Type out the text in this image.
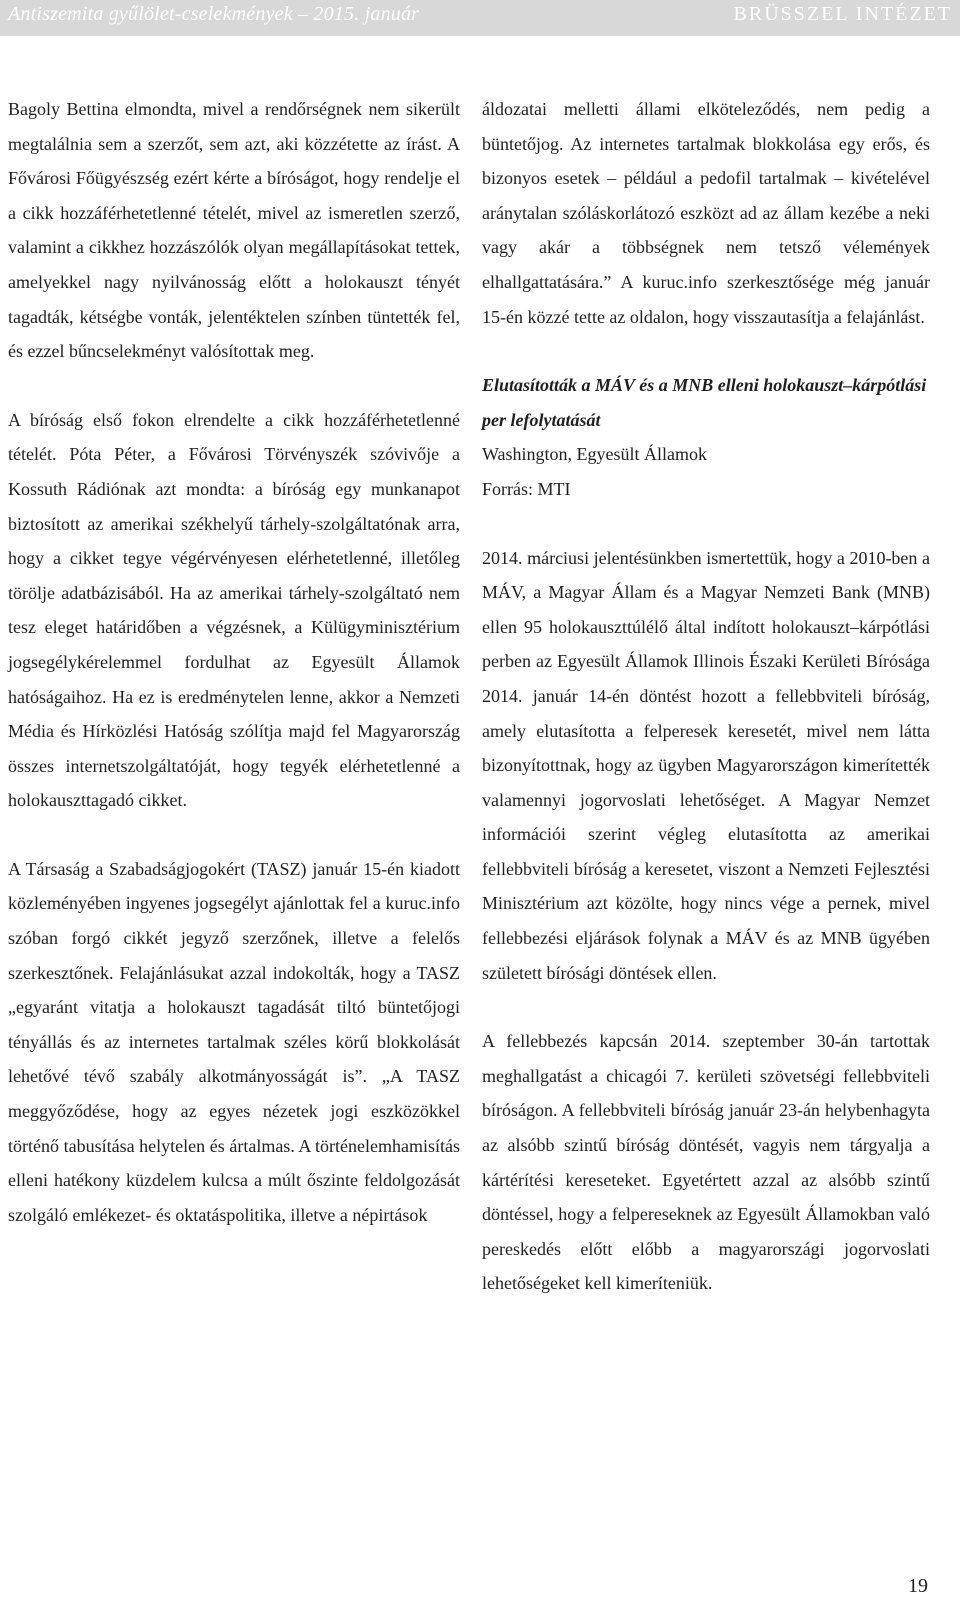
Antiszemita gyűlölet-cselekmények – 2015. január	BRÜSSZEL INTÉZET

Bagoly Bettina elmondta, mivel a rendőrségnek nem sikerült megtalálnia sem a szerzőt, sem azt, aki közzétette az írást. A Fővárosi Főügyészség ezért kérte a bíróságot, hogy rendelje el a cikk hozzáférhetetlenné tételét, mivel az ismeretlen szerző, valamint a cikkhez hozzászólók olyan megállapításokat tettek, amelyekkel nagy nyilvánosság előtt a holokauszt tényét tagadták, kétségbe vonták, jelentéktelen színben tüntették fel, és ezzel bűncselekményt valósítottak meg.

A bíróság első fokon elrendelte a cikk hozzáférhetetlenné tételét. Póta Péter, a Fővárosi Törvényszék szóvivője a Kossuth Rádiónak azt mondta: a bíróság egy munkanapot biztosított az amerikai székhelyű tárhely-szolgáltatónak arra, hogy a cikket tegye végérvényesen elérhetetlenné, illetőleg törölje adatbázisából. Ha az amerikai tárhely-szolgáltató nem tesz eleget határidőben a végzésnek, a Külügyminisztérium jogsegélykérelemmel fordulhat az Egyesült Államok hatóságaihoz. Ha ez is eredménytelen lenne, akkor a Nemzeti Média és Hírközlési Hatóság szólítja majd fel Magyarország összes internetszolgáltatóját, hogy tegyék elérhetetlenné a holokauszttagadó cikket.

A Társaság a Szabadságjogokért (TASZ) január 15-én kiadott közleményében ingyenes jogsegélyt ajánlottak fel a kuruc.info szóban forgó cikkét jegyző szerzőnek, illetve a felelős szerkesztőnek. Felajánlásukat azzal indokolták, hogy a TASZ „egyaránt vitatja a holokauszt tagadását tiltó büntetőjogi tényállás és az internetes tartalmak széles körű blokkolását lehetővé tévő szabály alkotmányosságát is”. „A TASZ meggyőződése, hogy az egyes nézetek jogi eszközökkel történő tabusítása helytelen és ártalmas. A történelemhamisítás elleni hatékony küzdelem kulcsa a múlt őszinte feldolgozását szolgáló emlékezet- és oktatáspolitika, illetve a népirtások

áldozatai melletti állami elköteleződés, nem pedig a büntetőjog. Az internetes tartalmak blokkolása egy erős, és bizonyos esetek – például a pedofil tartalmak – kivételével aránytalan szóláskorlátozó eszközt ad az állam kezébe a neki vagy akár a többségnek nem tetsző vélemények elhallgattatására.” A kuruc.info szerkesztősége még január 15-én közzé tette az oldalon, hogy visszautasítja a felajánlást.

Elutasították a MÁV és a MNB elleni holokauszt–kárpótlási per lefolytatását

Washington, Egyesült Államok

Forrás: MTI

2014. márciusi jelentésünkben ismertettük, hogy a 2010-ben a MÁV, a Magyar Állam és a Magyar Nemzeti Bank (MNB) ellen 95 holokauszttúlélő által indított holokauszt–kárpótlási perben az Egyesült Államok Illinois Északi Kerületi Bírósága 2014. január 14-én döntést hozott a fellebbviteli bíróság, amely elutasította a felperesek keresetét, mivel nem látta bizonyítottnak, hogy az ügyben Magyarországon kimerítették valamennyi jogorvoslati lehetőséget. A Magyar Nemzet információi szerint végleg elutasította az amerikai fellebbviteli bíróság a keresetet, viszont a Nemzeti Fejlesztési Minisztérium azt közölte, hogy nincs vége a pernek, mivel fellebbezési eljárások folynak a MÁV és az MNB ügyében született bírósági döntések ellen.

A fellebbezés kapcsán 2014. szeptember 30-án tartottak meghallgatást a chicagói 7. kerületi szövetségi fellebbviteli bíróságon. A fellebbviteli bíróság január 23-án helybenhagyta az alsóbb szintű bíróság döntését, vagyis nem tárgyalja a kártérítési kereseteket. Egyetértett azzal az alsóbb szintű döntéssel, hogy a felpereseknek az Egyesült Államokban való pereskedés előtt előbb a magyarországi jogorvoslati lehetőségeket kell kimeríteniük.

19
